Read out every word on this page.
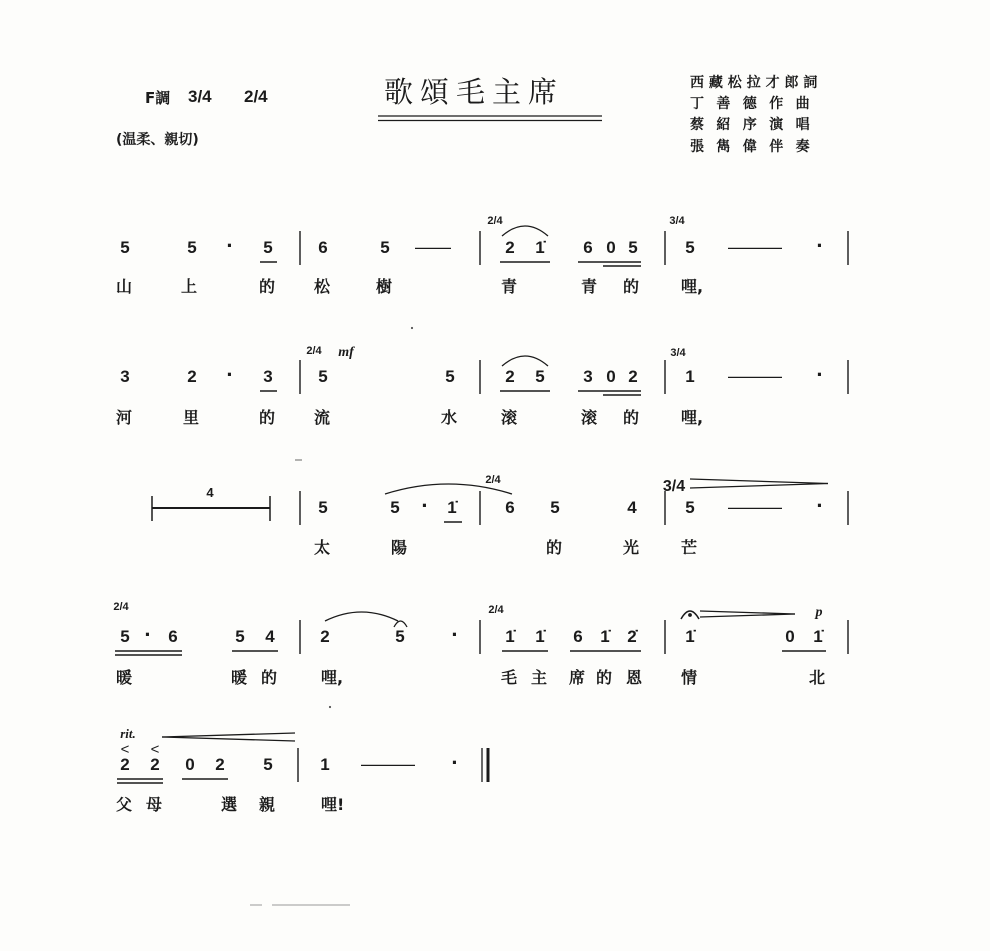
F調 3/4 2/4
(温柔、親切)
歌頌毛主席	西藏松拉才郎詞
丁善德作曲
蔡紹序演唱
張雋偉伴奏
2/4	3/4
5	5 · 5	6	5 ——	2 1̇ 6 0 5	5 —— ·
山	上	的 松	樹	青	青 的	哩,
2/4 mf	3/4
3	2 · 3	5	5	2 5 3 0 2	1 —— ·
河	里	的 流	水	滚	滚 的	哩,
4
2/4	3/4
5	5 · 1̇	6 5	4	5 —— ·
太	陽	的	光	芒
2/4	2/4	p
5 · 6	5 4	2	5 ·	1̇ 1̇ 6 1̇ 2̇	1̇	0 1̇
暖	暖 的	哩,	毛 主 席 的 恩 情	北
rit.
< <
2 2 0 2 5	1 —— ·
父 母	選 親	哩!
